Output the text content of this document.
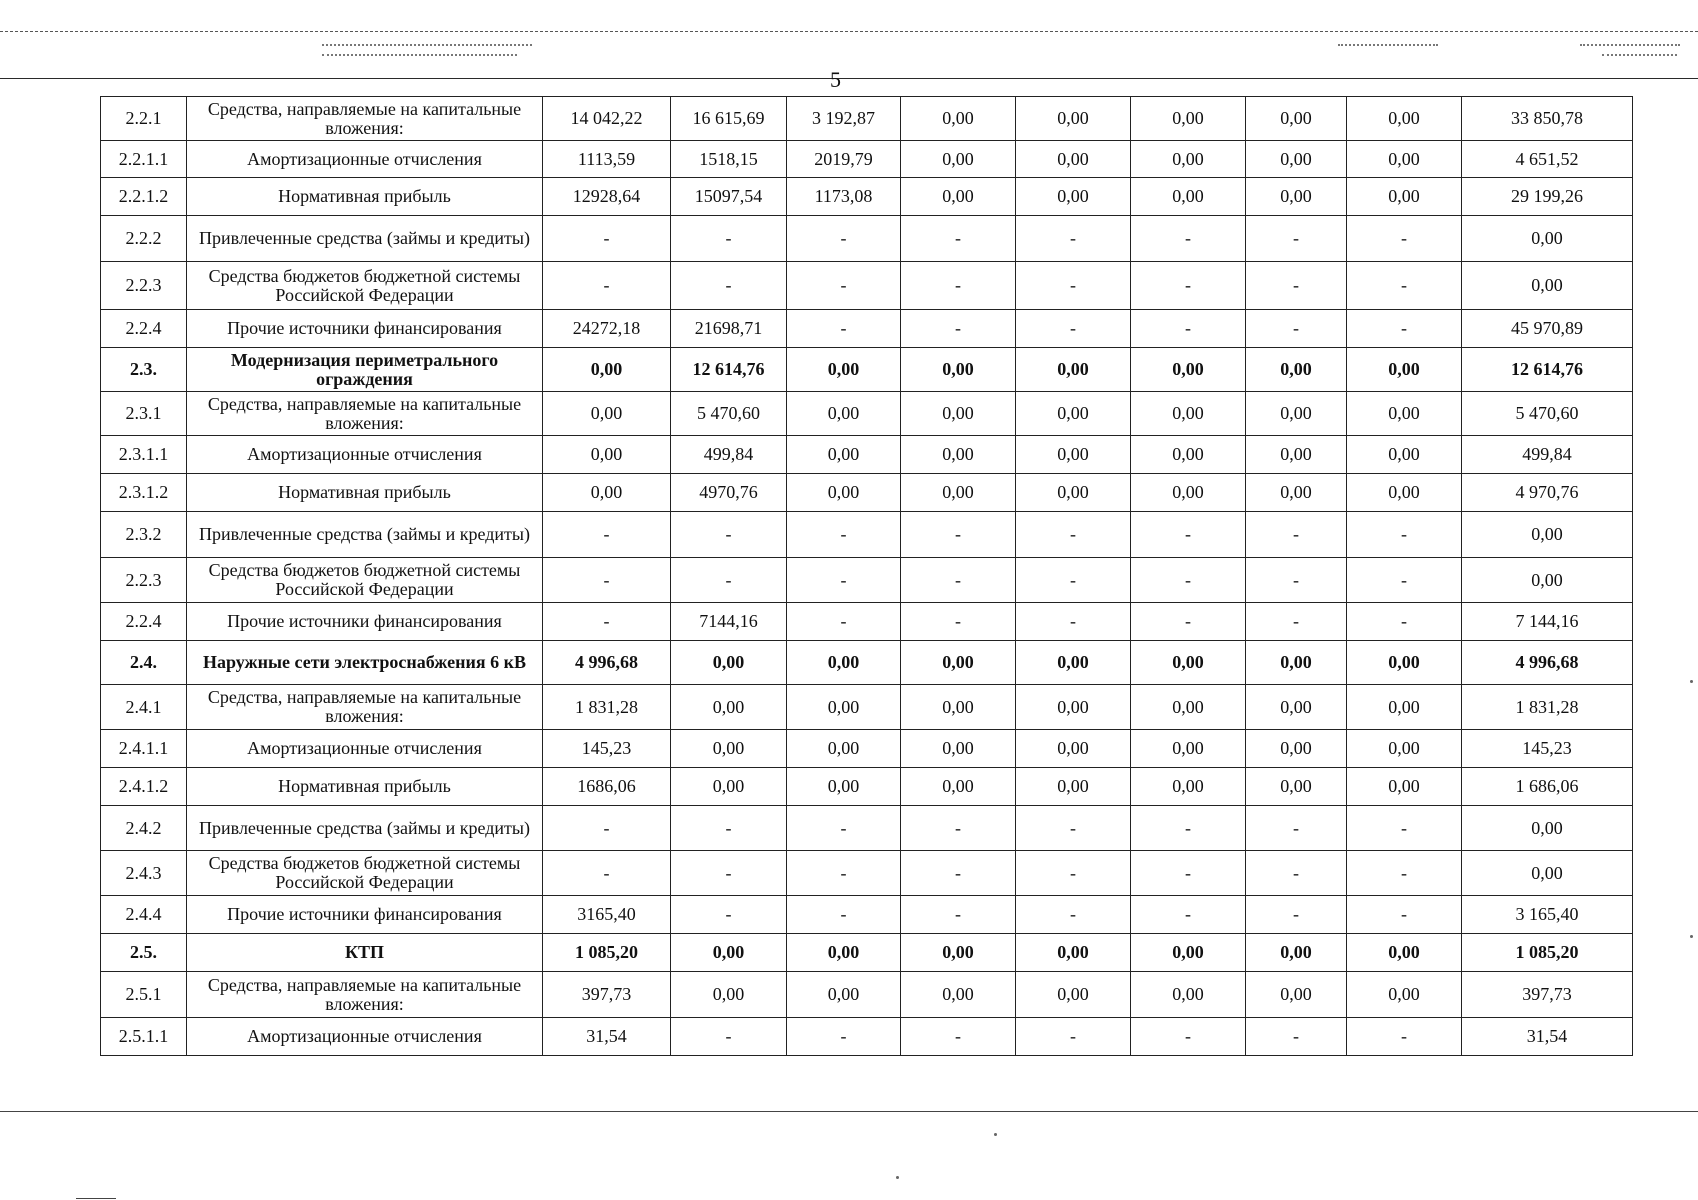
5
2.2.1	Средства, направляемые на капитальные вложения:	14 042,22	16 615,69	3 192,87	0,00	0,00	0,00	0,00	0,00	33 850,78
2.2.1.1	Амортизационные отчисления	1113,59	1518,15	2019,79	0,00	0,00	0,00	0,00	0,00	4 651,52
2.2.1.2	Нормативная прибыль	12928,64	15097,54	1173,08	0,00	0,00	0,00	0,00	0,00	29 199,26
2.2.2	Привлеченные средства (займы и кредиты)	-	-	-	-	-	-	-	-	0,00
2.2.3	Средства бюджетов бюджетной системы Российской Федерации	-	-	-	-	-	-	-	-	0,00
2.2.4	Прочие источники финансирования	24272,18	21698,71	-	-	-	-	-	-	45 970,89
2.3.	Модернизация периметрального ограждения	0,00	12 614,76	0,00	0,00	0,00	0,00	0,00	0,00	12 614,76
2.3.1	Средства, направляемые на капитальные вложения:	0,00	5 470,60	0,00	0,00	0,00	0,00	0,00	0,00	5 470,60
2.3.1.1	Амортизационные отчисления	0,00	499,84	0,00	0,00	0,00	0,00	0,00	0,00	499,84
2.3.1.2	Нормативная прибыль	0,00	4970,76	0,00	0,00	0,00	0,00	0,00	0,00	4 970,76
2.3.2	Привлеченные средства (займы и кредиты)	-	-	-	-	-	-	-	-	0,00
2.2.3	Средства бюджетов бюджетной системы Российской Федерации	-	-	-	-	-	-	-	-	0,00
2.2.4	Прочие источники финансирования	-	7144,16	-	-	-	-	-	-	7 144,16
2.4.	Наружные сети электроснабжения 6 кВ	4 996,68	0,00	0,00	0,00	0,00	0,00	0,00	0,00	4 996,68
2.4.1	Средства, направляемые на капитальные вложения:	1 831,28	0,00	0,00	0,00	0,00	0,00	0,00	0,00	1 831,28
2.4.1.1	Амортизационные отчисления	145,23	0,00	0,00	0,00	0,00	0,00	0,00	0,00	145,23
2.4.1.2	Нормативная прибыль	1686,06	0,00	0,00	0,00	0,00	0,00	0,00	0,00	1 686,06
2.4.2	Привлеченные средства (займы и кредиты)	-	-	-	-	-	-	-	-	0,00
2.4.3	Средства бюджетов бюджетной системы Российской Федерации	-	-	-	-	-	-	-	-	0,00
2.4.4	Прочие источники финансирования	3165,40	-	-	-	-	-	-	-	3 165,40
2.5.	КТП	1 085,20	0,00	0,00	0,00	0,00	0,00	0,00	0,00	1 085,20
2.5.1	Средства, направляемые на капитальные вложения:	397,73	0,00	0,00	0,00	0,00	0,00	0,00	0,00	397,73
2.5.1.1	Амортизационные отчисления	31,54	-	-	-	-	-	-	-	31,54
